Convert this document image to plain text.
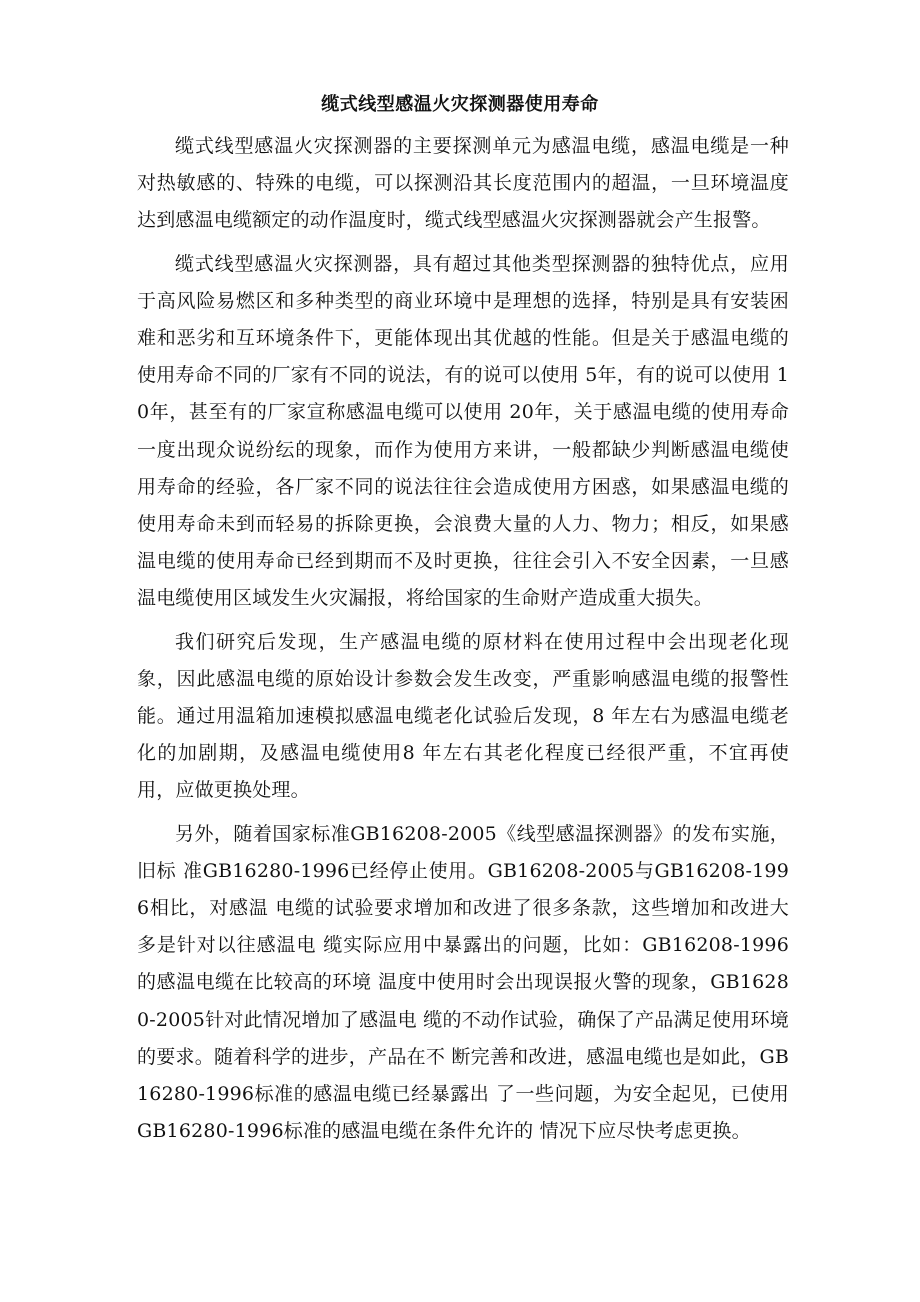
缆式线型感温火灾探测器使用寿命

缆式线型感温火灾探测器的主要探测单元为感温电缆，感温电缆是一种对热敏感的、特殊的电缆，可以探测沿其长度范围内的超温，一旦环境温度达到感温电缆额定的动作温度时，缆式线型感温火灾探测器就会产生报警。

缆式线型感温火灾探测器，具有超过其他类型探测器的独特优点，应用于高风险易燃区和多种类型的商业环境中是理想的选择，特别是具有安装困难和恶劣和互环境条件下，更能体现出其优越的性能。但是关于感温电缆的使用寿命不同的厂家有不同的说法，有的说可以使用 5年，有的说可以使用 10年，甚至有的厂家宣称感温电缆可以使用 20年，关于感温电缆的使用寿命一度出现众说纷纭的现象，而作为使用方来讲，一般都缺少判断感温电缆使用寿命的经验，各厂家不同的说法往往会造成使用方困惑，如果感温电缆的使用寿命未到而轻易的拆除更换，会浪费大量的人力、物力；相反，如果感温电缆的使用寿命已经到期而不及时更换，往往会引入不安全因素，一旦感温电缆使用区域发生火灾漏报，将给国家的生命财产造成重大损失。

我们研究后发现，生产感温电缆的原材料在使用过程中会出现老化现象，因此感温电缆的原始设计参数会发生改变，严重影响感温电缆的报警性能。通过用温箱加速模拟感温电缆老化试验后发现，8 年左右为感温电缆老化的加剧期，及感温电缆使用8 年左右其老化程度已经很严重，不宜再使用，应做更换处理。

另外，随着国家标准GB16208-2005《线型感温探测器》的发布实施，旧标 准GB16280-1996已经停止使用。GB16208-2005与GB16208-1996相比，对感温 电缆的试验要求增加和改进了很多条款，这些增加和改进大多是针对以往感温电 缆实际应用中暴露出的问题，比如：GB16208-1996的感温电缆在比较高的环境 温度中使用时会出现误报火警的现象，GB16280-2005针对此情况增加了感温电 缆的不动作试验，确保了产品满足使用环境的要求。随着科学的进步，产品在不 断完善和改进，感温电缆也是如此，GB16280-1996标准的感温电缆已经暴露出 了一些问题，为安全起见，已使用GB16280-1996标准的感温电缆在条件允许的 情况下应尽快考虑更换。
